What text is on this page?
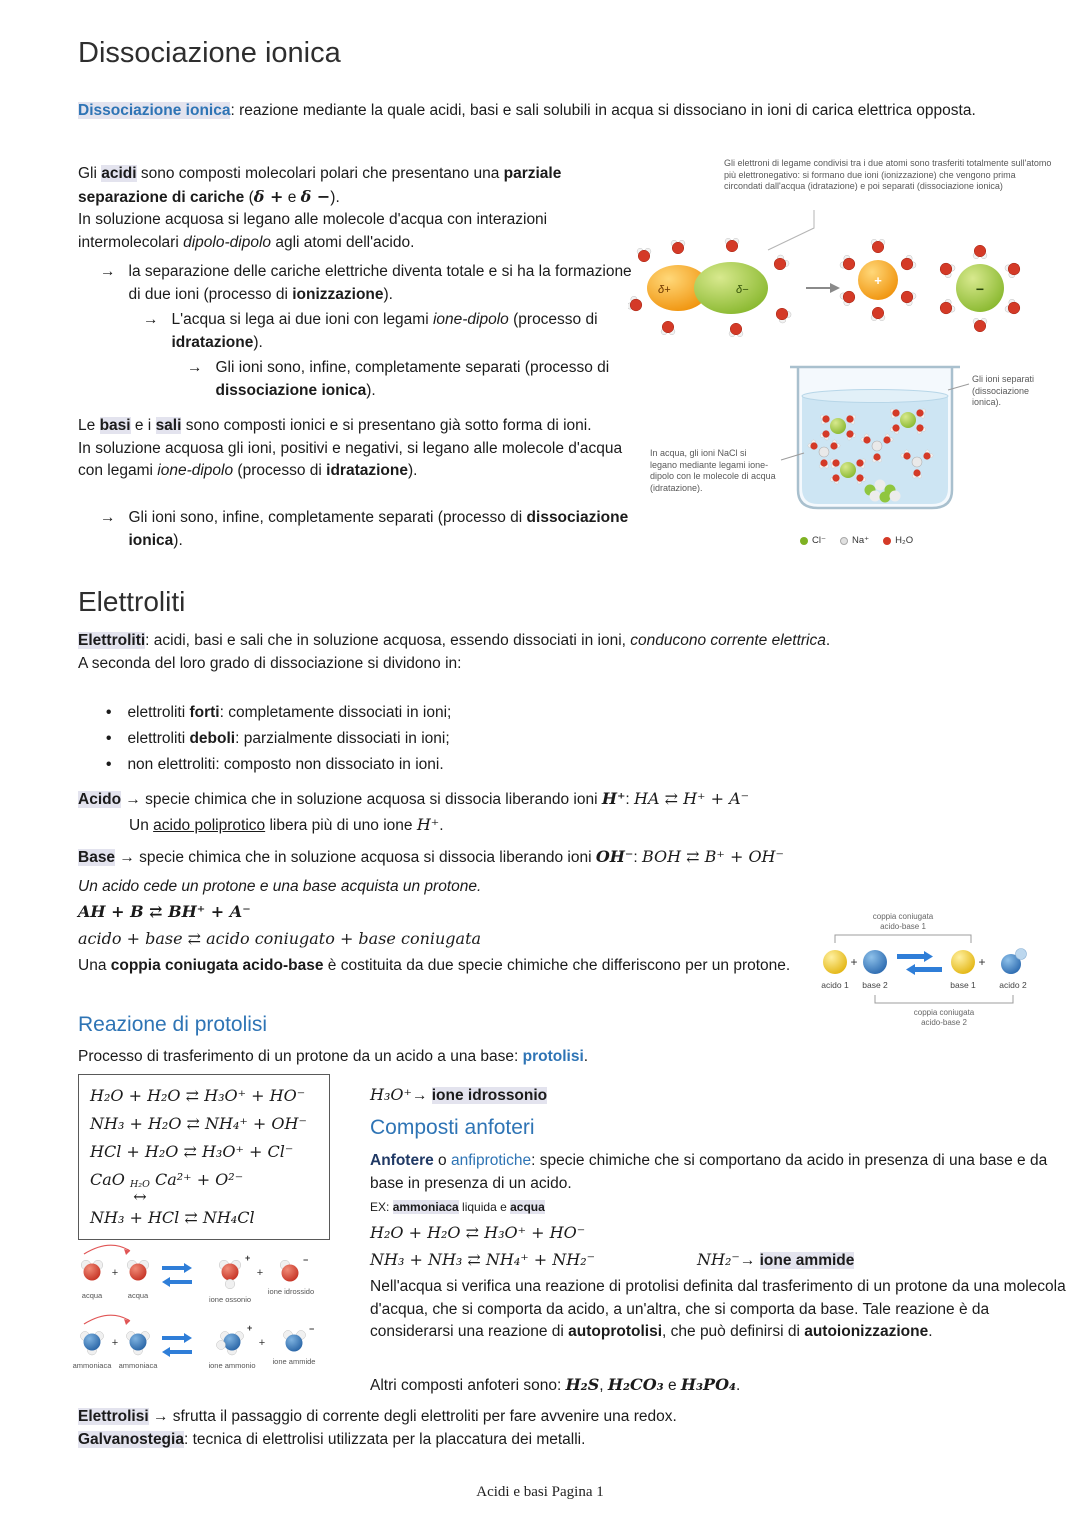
Dissociazione ionica
Dissociazione ionica: reazione mediante la quale acidi, basi e sali solubili in acqua si dissociano in ioni di carica elettrica opposta.
Gli acidi sono composti molecolari polari che presentano una parziale separazione di cariche (δ + e δ −).
In soluzione acquosa si legano alle molecole d'acqua con interazioni intermolecolari dipolo-dipolo agli atomi dell'acido.
→ la separazione delle cariche elettriche diventa totale e si ha la formazione di due ioni (processo di ionizzazione).
→ L'acqua si lega ai due ioni con legami ione-dipolo (processo di idratazione).
→ Gli ioni sono, infine, completamente separati (processo di dissociazione ionica).
Le basi e i sali sono composti ionici e si presentano già sotto forma di ioni.
In soluzione acquosa gli ioni, positivi e negativi, si legano alle molecole d'acqua con legami ione-dipolo (processo di idratazione).
→ Gli ioni sono, infine, completamente separati (processo di dissociazione ionica).
Gli elettroni di legame condivisi tra i due atomi sono trasferiti totalmente sull'atomo più elettronegativo: si formano due ioni (ionizzazione) che vengono prima circondati dall'acqua (idratazione) e poi separati (dissociazione ionica)
δ+	δ−
+
−
In acqua, gli ioni NaCl si legano mediante legami ione-dipolo con le molecole di acqua (idratazione).
Gli ioni separati (dissociazione ionica).
Cl⁻	Na⁺	H₂O
Elettroliti
Elettroliti: acidi, basi e sali che in soluzione acquosa, essendo dissociati in ioni, conducono corrente elettrica.
A seconda del loro grado di dissociazione si dividono in:
• elettroliti forti: completamente dissociati in ioni;
• elettroliti deboli: parzialmente dissociati in ioni;
• non elettroliti: composto non dissociato in ioni.
Acido → specie chimica che in soluzione acquosa si dissocia liberando ioni H⁺: HA ⇄ H⁺ + A⁻
Un acido poliprotico libera più di uno ione H⁺.
Base → specie chimica che in soluzione acquosa si dissocia liberando ioni OH⁻: BOH ⇄ B⁺ + OH⁻
Un acido cede un protone e una base acquista un protone.
AH + B ⇄ BH⁺ + A⁻
acido + base ⇄ acido coniugato + base coniugata
Una coppia coniugata acido-base è costituita da due specie chimiche che differiscono per un protone.
coppia coniugata
acido-base 1
+	+
acido 1 base 2	base 1	acido 2
coppia coniugata
acido-base 2
Reazione di protolisi
Processo di trasferimento di un protone da un acido a una base: protolisi.
H₂O + H₂O ⇄ H₃O⁺ + HO⁻
NH₃ + H₂O ⇄ NH₄⁺ + OH⁻
HCl + H₂O ⇄ H₃O⁺ + Cl⁻
CaO H₂O
↔
Ca²⁺ + O²⁻
NH₃ + HCl ⇄ NH₄Cl
H₃O⁺→ ione idrossonio
Composti anfoteri
Anfotere o anfiprotiche: specie chimiche che si comportano da acido in presenza di una base e da base in presenza di un acido.
EX: ammoniaca liquida e acqua
H₂O + H₂O ⇄ H₃O⁺ + HO⁻
NH₃ + NH₃ ⇄ NH₄⁺ + NH₂⁻	NH₂⁻→ ione ammide
Nell'acqua si verifica una reazione di protolisi definita dal trasferimento di un protone da una molecola d'acqua, che si comporta da acido, a un'altra, che si comporta da base. Tale reazione è da considerarsi una reazione di autoprotolisi, che può definirsi di autoionizzazione.
Altri composti anfoteri sono: H₂S, H₂CO₃ e H₃PO₄.
+
+
+
−
acqua	acqua	ione ossonio
ione idrossido
+
+
+
−
ammoniaca ammoniaca	ione ammonio ione ammide
Elettrolisi → sfrutta il passaggio di corrente degli elettroliti per fare avvenire una redox.
Galvanostegia: tecnica di elettrolisi utilizzata per la placcatura dei metalli.
Acidi e basi Pagina 1
